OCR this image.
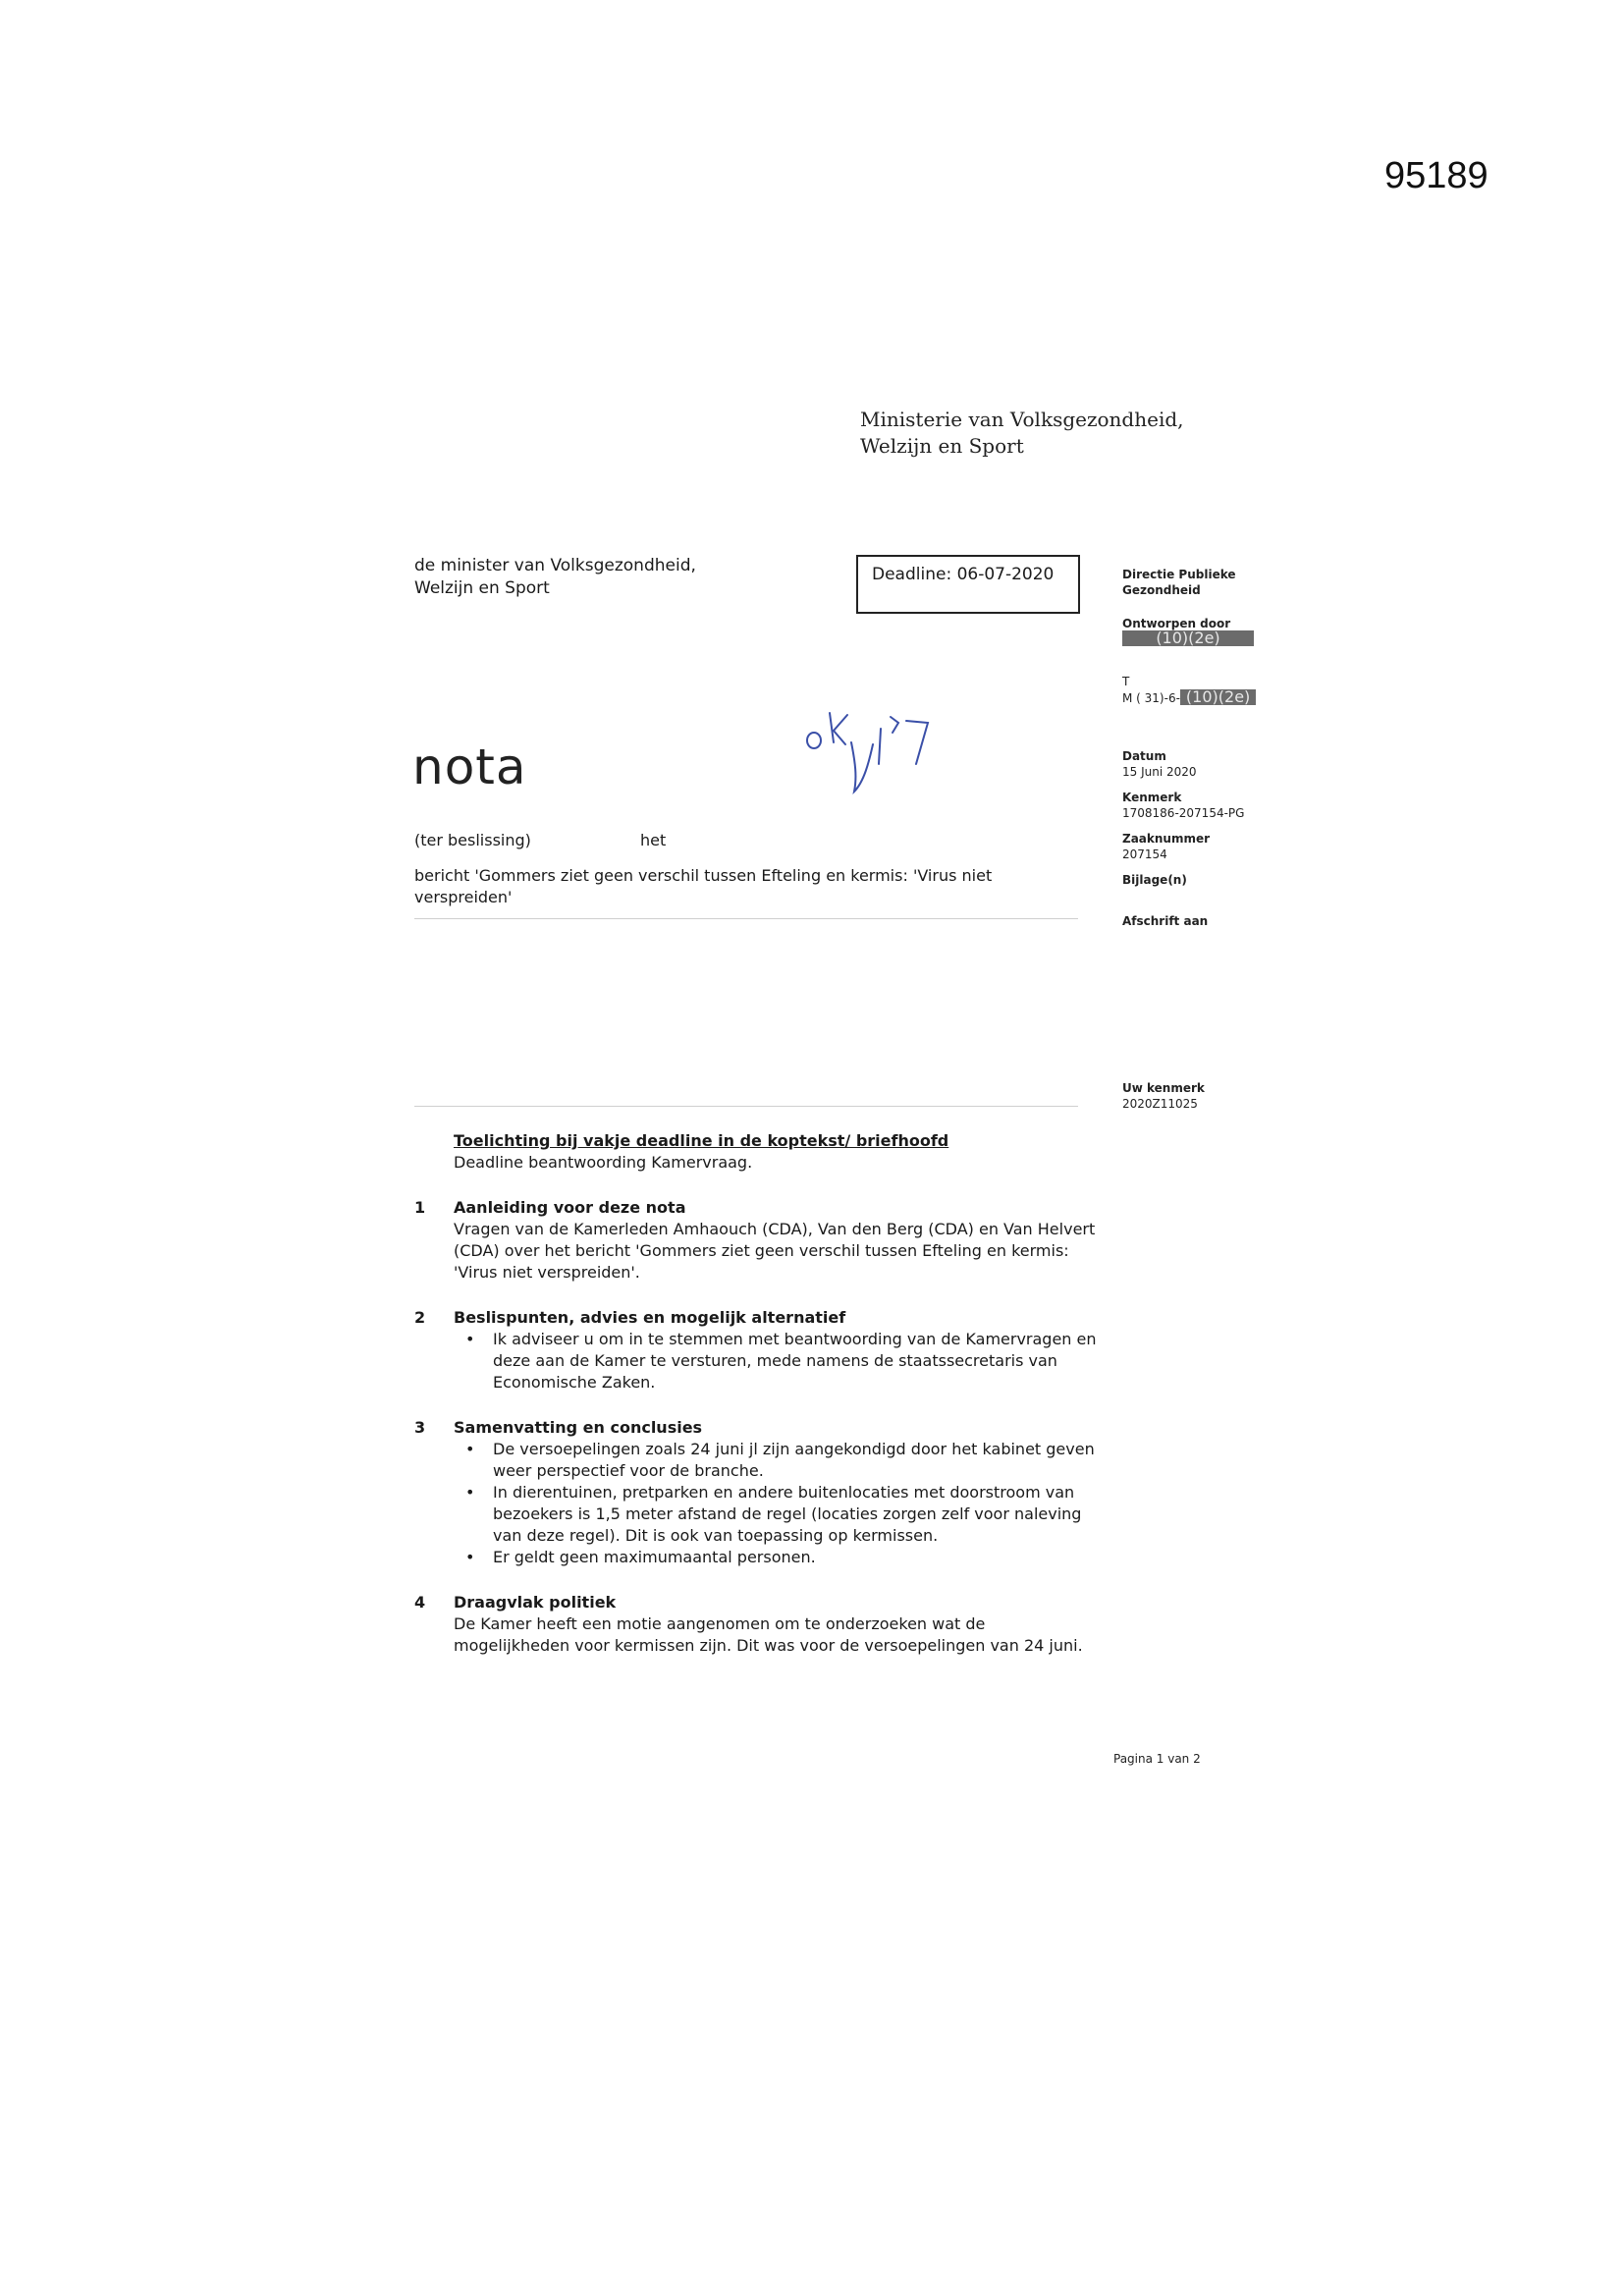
95189
Ministerie van Volksgezondheid,
Welzijn en Sport
de minister van Volksgezondheid,
Welzijn en Sport
Deadline: 06-07-2020	Directie Publieke
Gezondheid
Ontworpen door
(10)(2e)
T
M ( 31)-6- (10)(2e)
Datum
15 Juni 2020
Kenmerk
1708186-207154-PG
Zaaknummer
207154
Bijlage(n)
Afschrift aan
Uw kenmerk
2020Z11025
nota
(ter beslissing)	het
bericht 'Gommers ziet geen verschil tussen Efteling en kermis: 'Virus niet verspreiden'
Toelichting bij vakje deadline in de koptekst/ briefhoofd
Deadline beantwoording Kamervraag.
1 Aanleiding voor deze nota
Vragen van de Kamerleden Amhaouch (CDA), Van den Berg (CDA) en Van Helvert (CDA) over het bericht 'Gommers ziet geen verschil tussen Efteling en kermis: 'Virus niet verspreiden'.
2 Beslispunten, advies en mogelijk alternatief
• Ik adviseer u om in te stemmen met beantwoording van de Kamervragen en deze aan de Kamer te versturen, mede namens de staatssecretaris van Economische Zaken.
3 Samenvatting en conclusies
• De versoepelingen zoals 24 juni jl zijn aangekondigd door het kabinet geven weer perspectief voor de branche.
• In dierentuinen, pretparken en andere buitenlocaties met doorstroom van bezoekers is 1,5 meter afstand de regel (locaties zorgen zelf voor naleving van deze regel). Dit is ook van toepassing op kermissen.
• Er geldt geen maximumaantal personen.
4 Draagvlak politiek
De Kamer heeft een motie aangenomen om te onderzoeken wat de mogelijkheden voor kermissen zijn. Dit was voor de versoepelingen van 24 juni.
Pagina 1 van 2
